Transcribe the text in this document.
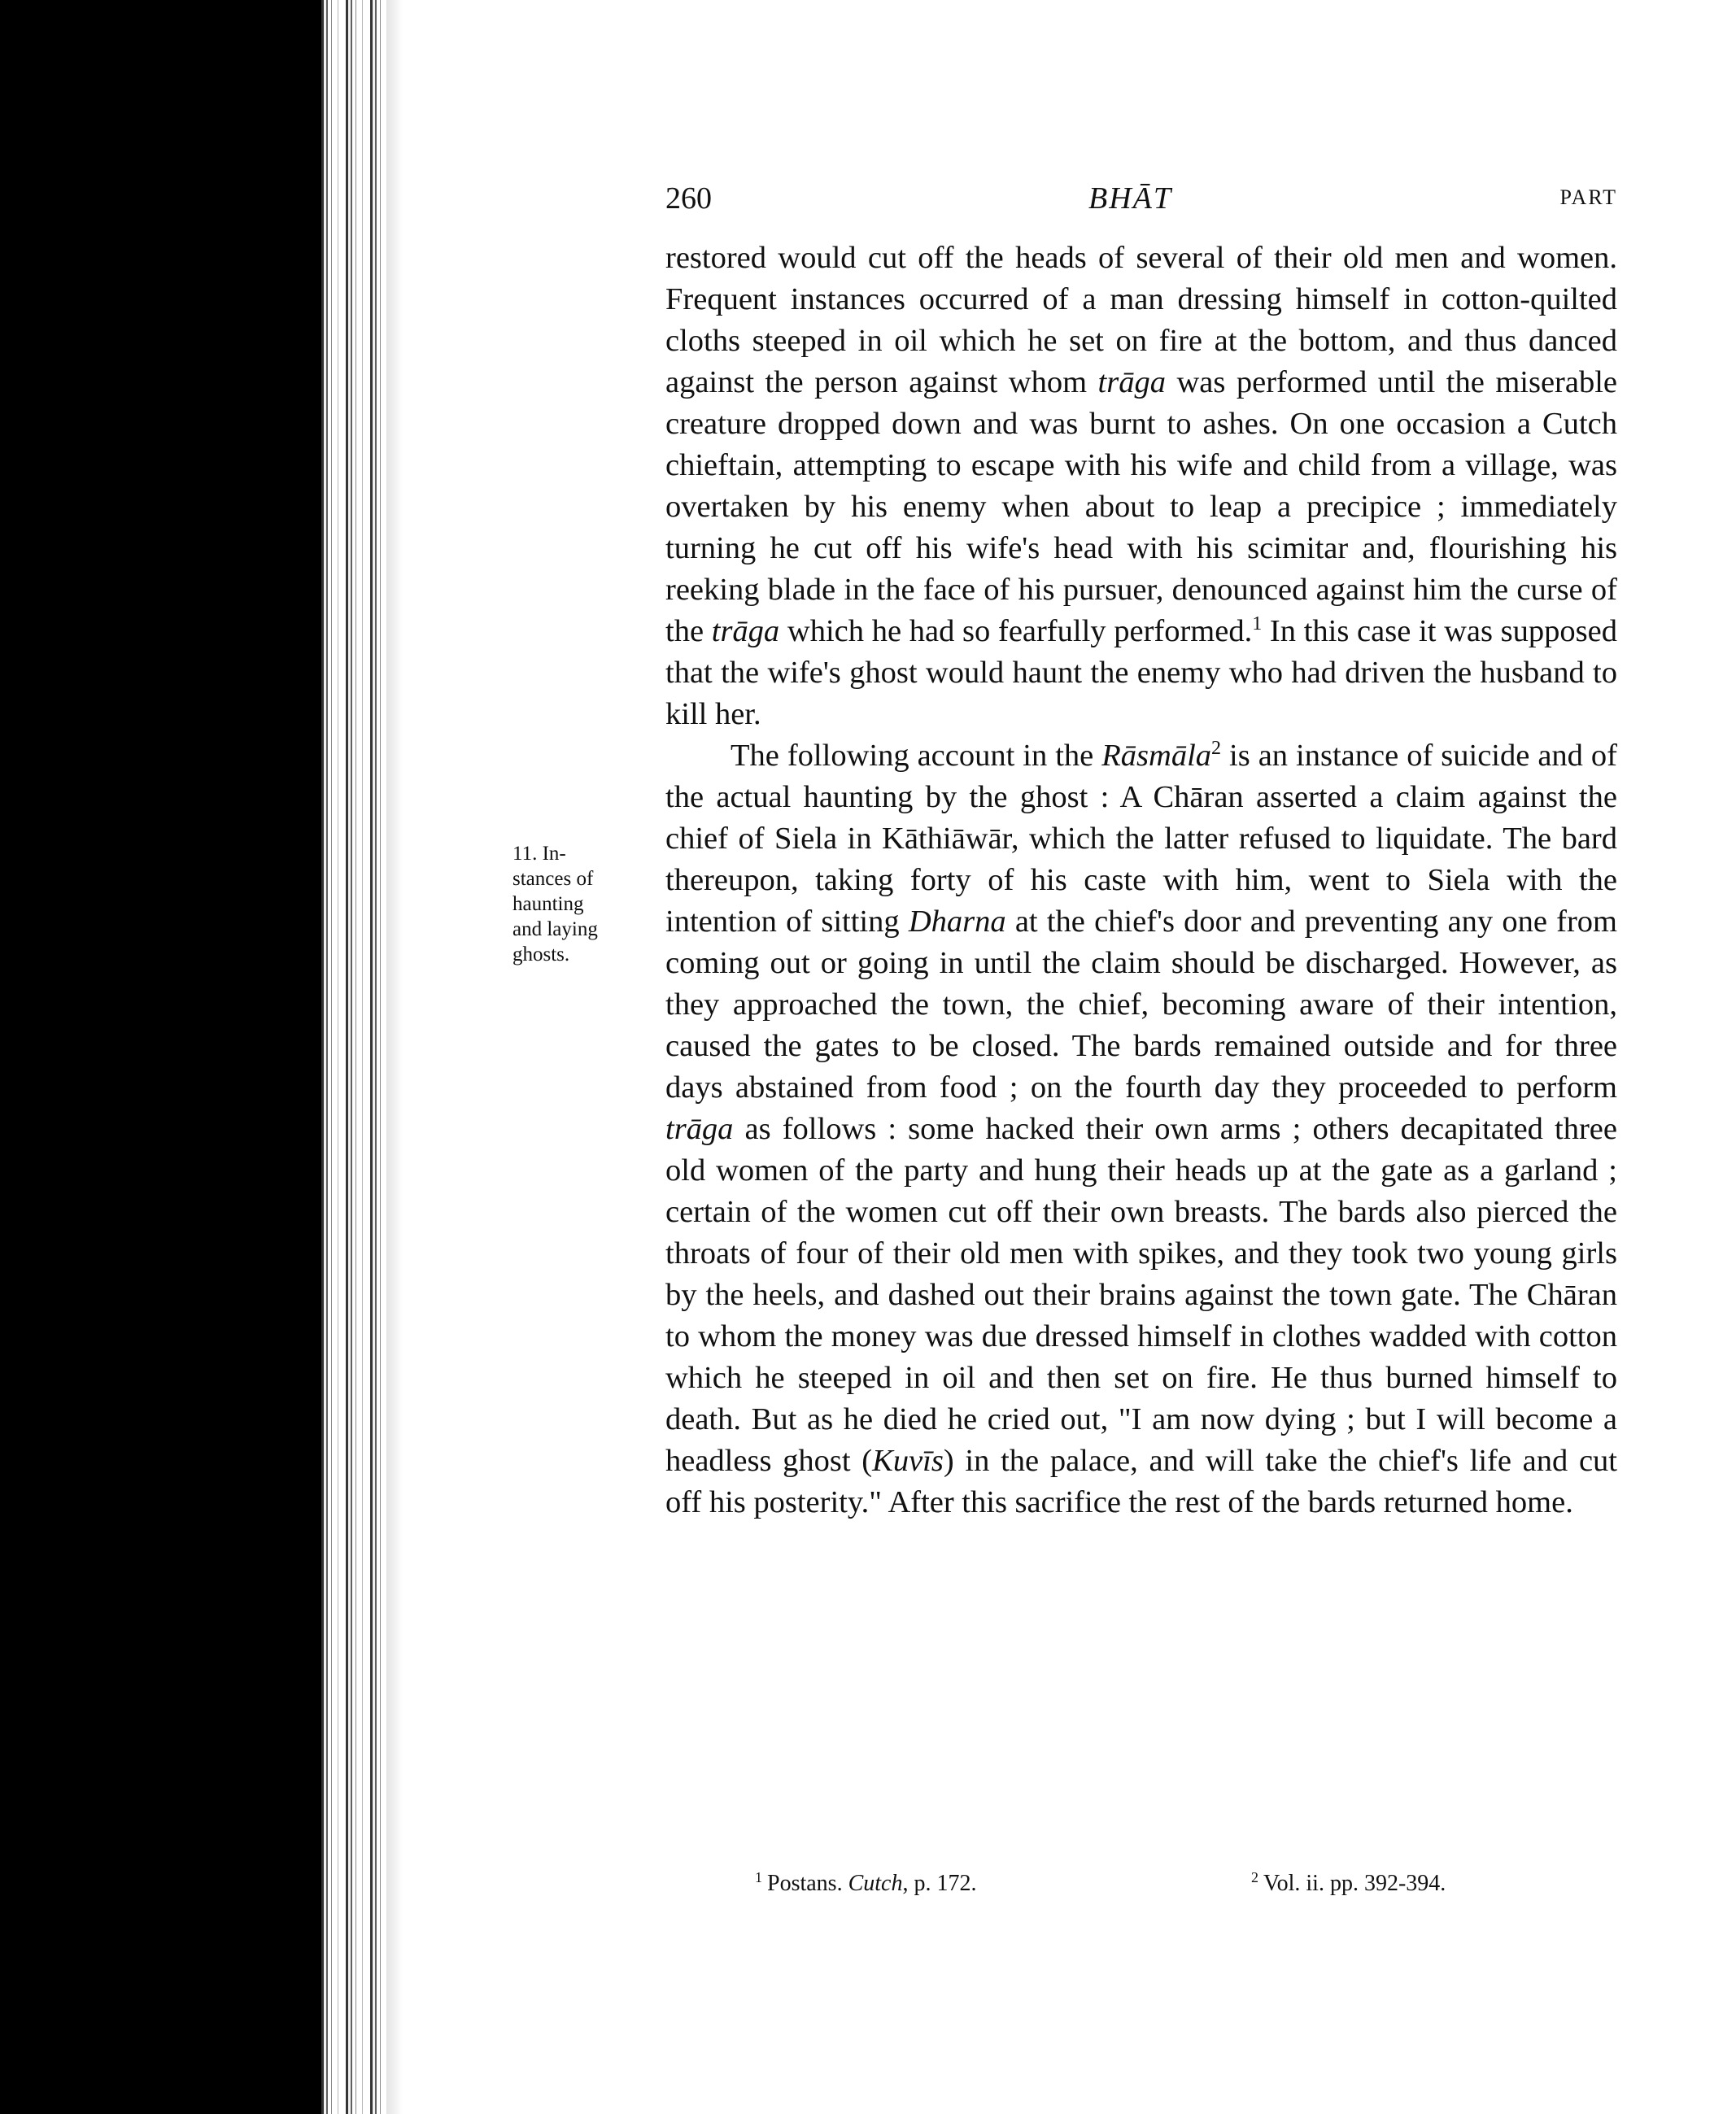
260	BHĀT	PART
11. In-
stances of
haunting
and laying
ghosts.

restored would cut off the heads of several of their old men and women. Frequent instances occurred of a man dressing himself in cotton-quilted cloths steeped in oil which he set on fire at the bottom, and thus danced against the person against whom trāga was performed until the miserable creature dropped down and was burnt to ashes. On one occasion a Cutch chieftain, attempting to escape with his wife and child from a village, was overtaken by his enemy when about to leap a precipice ; immediately turning he cut off his wife's head with his scimitar and, flourishing his reeking blade in the face of his pursuer, denounced against him the curse of the trāga which he had so fearfully performed.$^1$ In this case it was supposed that the wife's ghost would haunt the enemy who had driven the husband to kill her.

The following account in the Rāsmāla$^2$ is an instance of suicide and of the actual haunting by the ghost : A Chāran asserted a claim against the chief of Siela in Kāthiāwār, which the latter refused to liquidate. The bard thereupon, taking forty of his caste with him, went to Siela with the intention of sitting Dharna at the chief's door and preventing any one from coming out or going in until the claim should be discharged. However, as they approached the town, the chief, becoming aware of their intention, caused the gates to be closed. The bards remained outside and for three days abstained from food ; on the fourth day they proceeded to perform trāga as follows : some hacked their own arms ; others decapitated three old women of the party and hung their heads up at the gate as a garland ; certain of the women cut off their own breasts. The bards also pierced the throats of four of their old men with spikes, and they took two young girls by the heels, and dashed out their brains against the town gate. The Chāran to whom the money was due dressed himself in clothes wadded with cotton which he steeped in oil and then set on fire. He thus burned himself to death. But as he died he cried out, "I am now dying ; but I will become a headless ghost (Kuvīs) in the palace, and will take the chief's life and cut off his posterity." After this sacrifice the rest of the bards returned home.

$^1$ Postans. Cutch, p. 172.	$^2$ Vol. ii. pp. 392-394.
